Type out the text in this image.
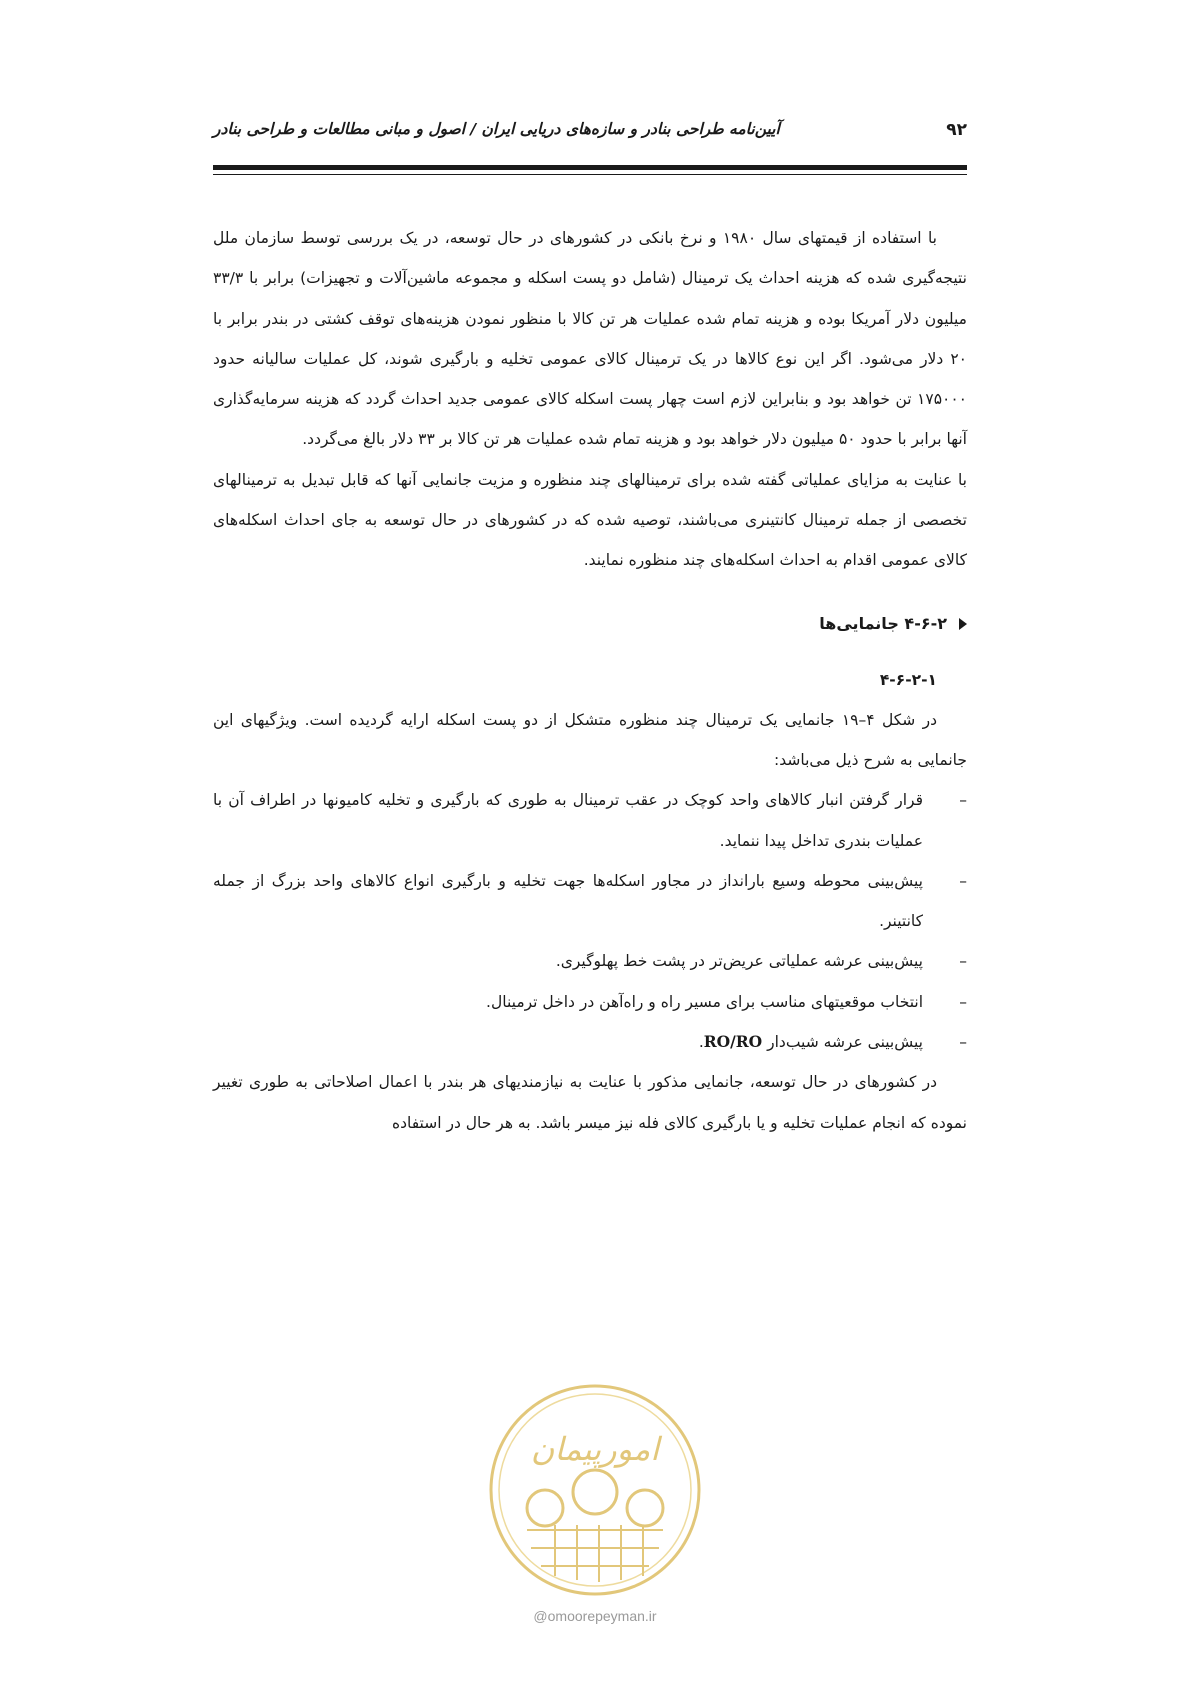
۹۲
آیین‌نامه طراحی بنادر و سازه‌های دریایی ایران / اصول و مبانی مطالعات و طراحی بنادر

با استفاده از قیمتهای سال ۱۹۸۰ و نرخ بانکی در کشورهای در حال توسعه، در یک بررسی توسط سازمان ملل نتیجه‌گیری شده که هزینه احداث یک ترمینال (شامل دو پست اسکله و مجموعه ماشین‌آلات و تجهیزات) برابر با ۳۳/۳ میلیون دلار آمریکا بوده و هزینه تمام شده عملیات هر تن کالا با منظور نمودن هزینه‌های توقف کشتی در بندر برابر با ۲۰ دلار می‌شود. اگر این نوع کالاها در یک ترمینال کالای عمومی تخلیه و بارگیری شوند، کل عملیات سالیانه حدود ۱۷۵۰۰۰ تن خواهد بود و بنابراین لازم است چهار پست اسکله کالای عمومی جدید احداث گردد که هزینه سرمایه‌گذاری آنها برابر با حدود ۵۰ میلیون دلار خواهد بود و هزینه تمام شده عملیات هر تن کالا بر ۳۳ دلار بالغ می‌گردد.

با عنایت به مزایای عملیاتی گفته شده برای ترمینالهای چند منظوره و مزیت جانمایی آنها که قابل تبدیل به ترمینالهای تخصصی از جمله ترمینال کانتینری می‌باشند، توصیه شده که در کشورهای در حال توسعه به جای احداث اسکله‌های کالای عمومی اقدام به احداث اسکله‌های چند منظوره نمایند.

۴-۶-۲ جانمایی‌ها
۴-۶-۲-۱

در شکل ۴–۱۹ جانمایی یک ترمینال چند منظوره متشکل از دو پست اسکله ارایه گردیده است. ویژگیهای این جانمایی به شرح ذیل می‌باشد:

–
قرار گرفتن انبار کالاهای واحد کوچک در عقب ترمینال به طوری که بارگیری و تخلیه کامیونها در اطراف آن با عملیات بندری تداخل پیدا ننماید.
–
پیش‌بینی محوطه وسیع بارانداز در مجاور اسکله‌ها جهت تخلیه و بارگیری انواع کالاهای واحد بزرگ از جمله کانتینر.
–
پیش‌بینی عرشه عملیاتی عریض‌تر در پشت خط پهلوگیری.
–
انتخاب موقعیتهای مناسب برای مسیر راه و راه‌آهن در داخل ترمینال.
–
پیش‌بینی عرشه شیب‌دار RO/RO.

در کشورهای در حال توسعه، جانمایی مذکور با عنایت به نیازمندیهای هر بندر با اعمال اصلاحاتی به طوری تغییر نموده که انجام عملیات تخلیه و یا بارگیری کالای فله نیز میسر باشد. به هر حال در استفاده

امورپیمان
@omoorepeyman.ir
